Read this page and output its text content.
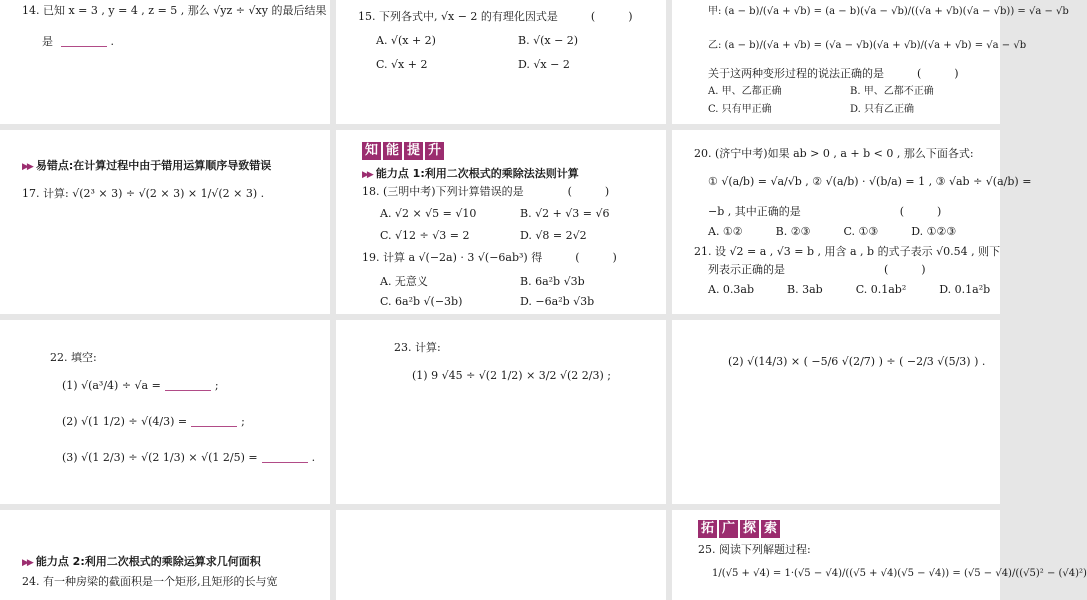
14. 已知 x = 3 , y = 4 , z = 5 , 那么 √yz ÷ √xy 的最后结果
是	.
15. 下列各式中, √x − 2 的有理化因式是　　　(　　　)
A. √(x + 2)	B. √(x − 2)
C. √x + 2	D. √x − 2
甲: (a − b)/(√a + √b) = (a − b)(√a − √b)/((√a + √b)(√a − √b)) = √a − √b
乙: (a − b)/(√a + √b) = (√a − √b)(√a + √b)/(√a + √b) = √a − √b
关于这两种变形过程的说法正确的是　　　(　　　)
A. 甲、乙都正确	B. 甲、乙都不正确
C. 只有甲正确	D. 只有乙正确
▶▶ 易错点:在计算过程中由于错用运算顺序导致错误
17. 计算: √(2³ × 3) ÷ √(2 × 3) × 1/√(2 × 3) .
知 能 提 升
▶▶ 能力点 1:利用二次根式的乘除法法则计算
18. (三明中考)下列计算错误的是　　　　(　　　)
A. √2 × √5 = √10	B. √2 + √3 = √6
C. √12 ÷ √3 = 2	D. √8 = 2√2
19. 计算 a √(−2a) · 3 √(−6ab³) 得　　　(　　　)
A. 无意义	B. 6a²b √3b
C. 6a²b √(−3b)	D. −6a²b √3b
20. (济宁中考)如果 ab > 0 , a + b < 0 , 那么下面各式:
① √(a/b) = √a/√b , ② √(a/b) · √(b/a) = 1 , ③ √ab ÷ √(a/b) =
−b , 其中正确的是　　　　　　　　　(　　　)
A. ①②　　　B. ②③　　　C. ①③　　　D. ①②③
21. 设 √2 = a , √3 = b , 用含 a , b 的式子表示 √0.54 , 则下
列表示正确的是　　　　　　　　　(　　　)
A. 0.3ab　　　B. 3ab　　　C. 0.1ab²　　　D. 0.1a²b
22. 填空:
(1) √(a³/4) ÷ √a =	;
(2) √(1 1/2) ÷ √(4/3) =	;
(3) √(1 2/3) ÷ √(2 1/3) × √(1 2/5) =	.
23. 计算:
(1) 9 √45 ÷ √(2 1/2) × 3/2 √(2 2/3) ;
(2) √(14/3) × ( −5/6 √(2/7) ) ÷ ( −2/3 √(5/3) ) .
▶▶ 能力点 2:利用二次根式的乘除运算求几何面积
24. 有一种房梁的截面积是一个矩形,且矩形的长与宽
拓 广 探 索
25. 阅读下列解题过程:
1/(√5 + √4) = 1·(√5 − √4)/((√5 + √4)(√5 − √4)) = (√5 − √4)/((√5)² − (√4)²)
